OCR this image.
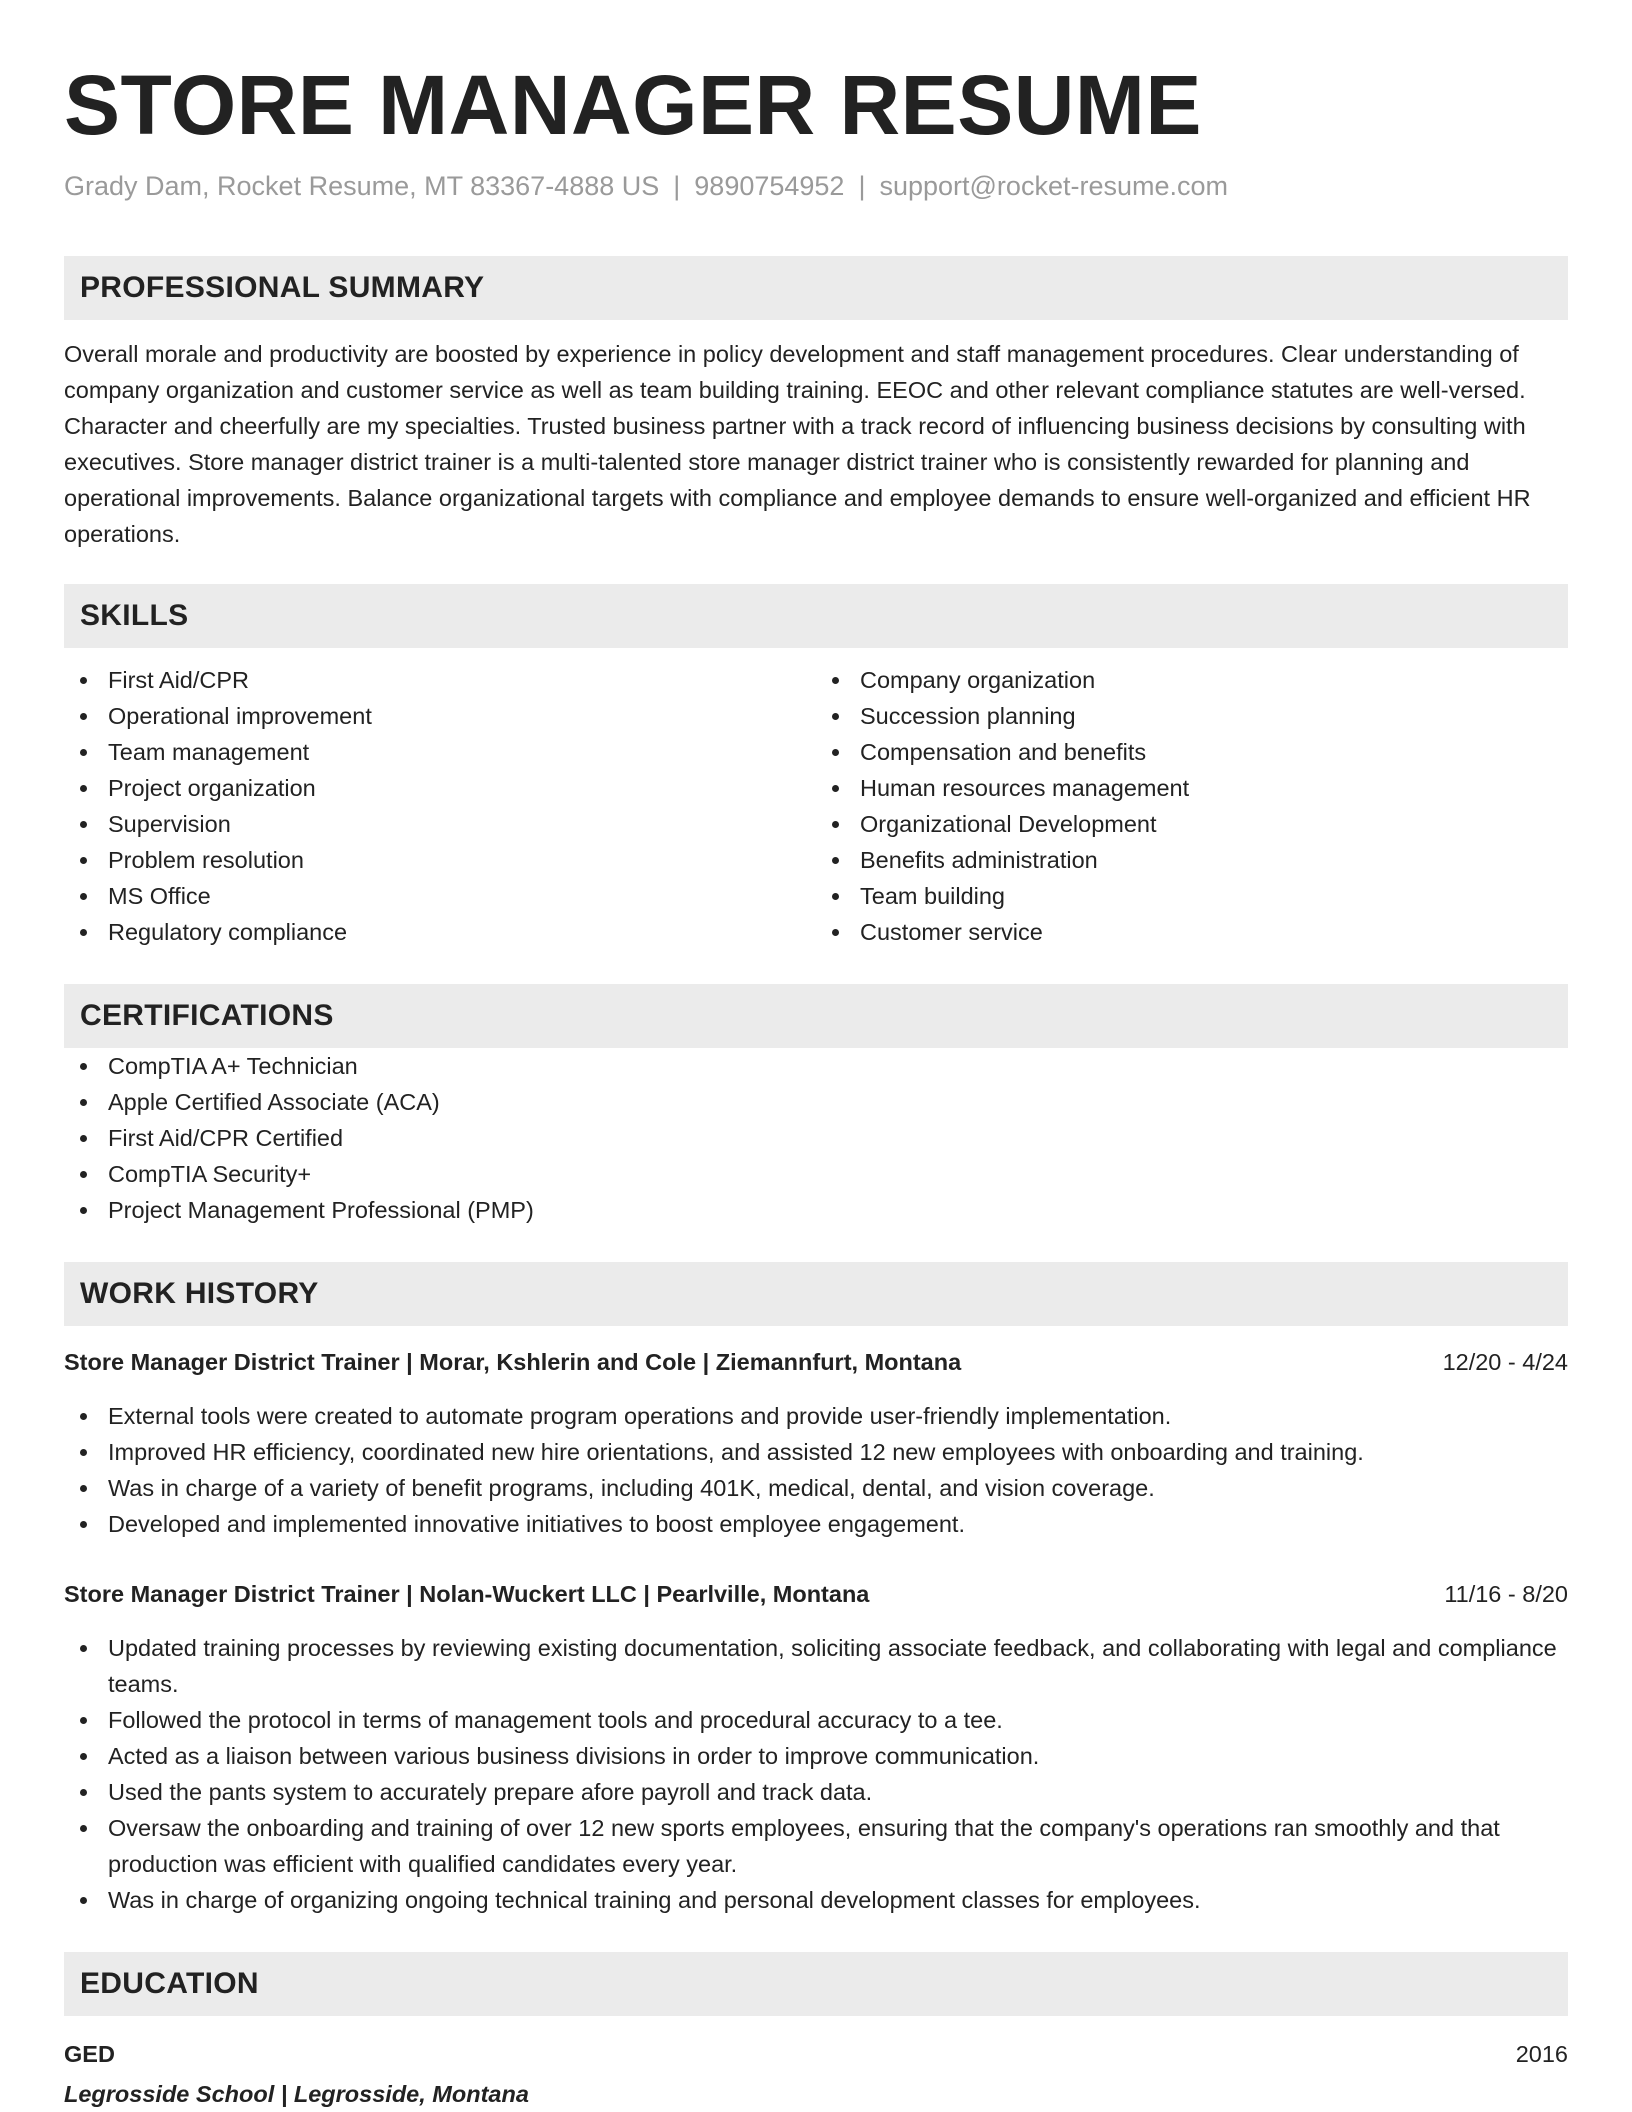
STORE MANAGER RESUME
Grady Dam, Rocket Resume, MT 83367-4888 US | 9890754952 | support@rocket-resume.com
PROFESSIONAL SUMMARY

Overall morale and productivity are boosted by experience in policy development and staff management procedures. Clear understanding of company organization and customer service as well as team building training. EEOC and other relevant compliance statutes are well-versed. Character and cheerfully are my specialties. Trusted business partner with a track record of influencing business decisions by consulting with executives. Store manager district trainer is a multi-talented store manager district trainer who is consistently rewarded for planning and operational improvements. Balance organizational targets with compliance and employee demands to ensure well-organized and efficient HR operations.

SKILLS
First Aid/CPR
Operational improvement
Team management
Project organization
Supervision
Problem resolution
MS Office
Regulatory compliance
Company organization
Succession planning
Compensation and benefits
Human resources management
Organizational Development
Benefits administration
Team building
Customer service
CERTIFICATIONS
CompTIA A+ Technician
Apple Certified Associate (ACA)
First Aid/CPR Certified
CompTIA Security+
Project Management Professional (PMP)
WORK HISTORY
Store Manager District Trainer | Morar, Kshlerin and Cole | Ziemannfurt, Montana	12/20 - 4/24
External tools were created to automate program operations and provide user-friendly implementation.
Improved HR efficiency, coordinated new hire orientations, and assisted 12 new employees with onboarding and training.
Was in charge of a variety of benefit programs, including 401K, medical, dental, and vision coverage.
Developed and implemented innovative initiatives to boost employee engagement.
Store Manager District Trainer | Nolan-Wuckert LLC | Pearlville, Montana	11/16 - 8/20
Updated training processes by reviewing existing documentation, soliciting associate feedback, and collaborating with legal and compliance teams.
Followed the protocol in terms of management tools and procedural accuracy to a tee.
Acted as a liaison between various business divisions in order to improve communication.
Used the pants system to accurately prepare afore payroll and track data.
Oversaw the onboarding and training of over 12 new sports employees, ensuring that the company's operations ran smoothly and that production was efficient with qualified candidates every year.
Was in charge of organizing ongoing technical training and personal development classes for employees.
EDUCATION
GED	2016
Legrosside School | Legrosside, Montana
